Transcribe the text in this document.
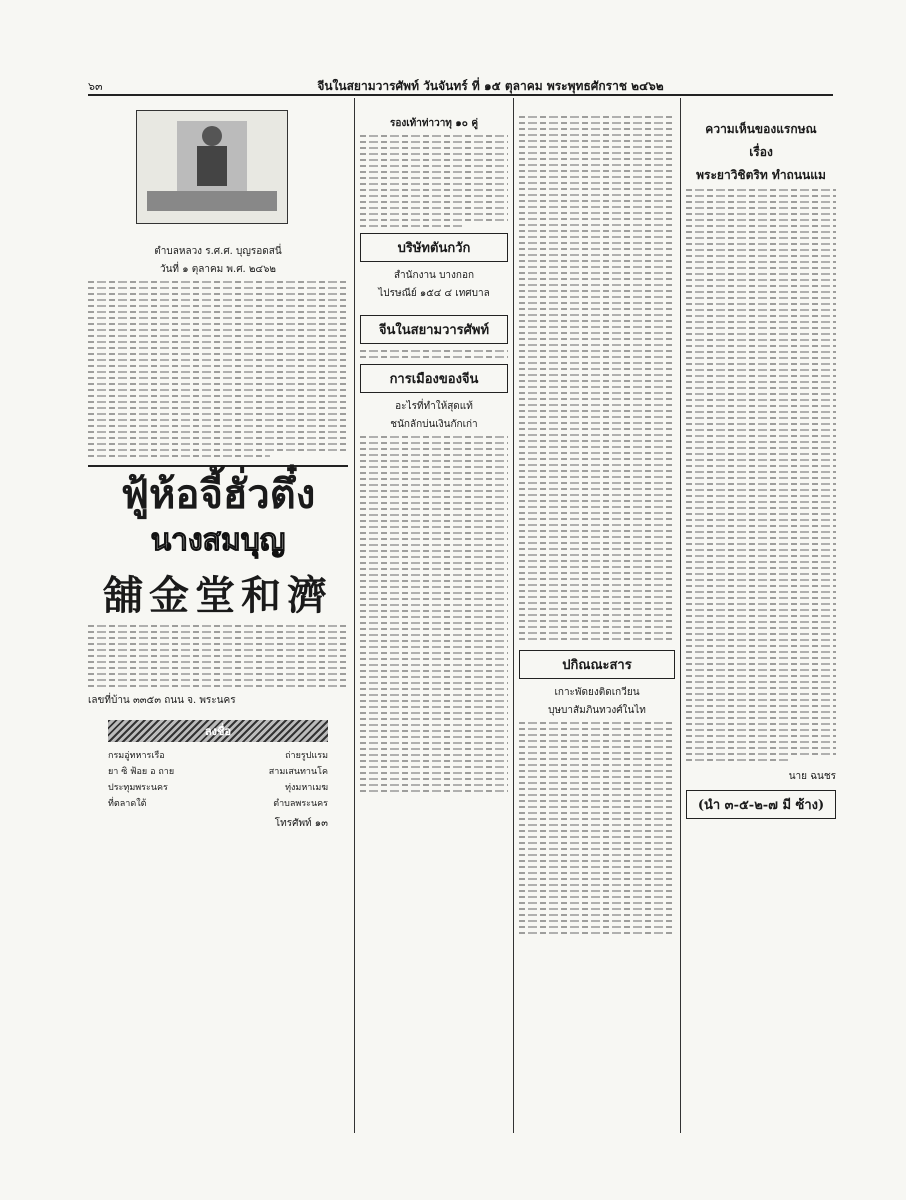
๖๓	จีนในสยามวารศัพท์ วันจันทร์ ที่ ๑๕ ตุลาคม พระพุทธศักราช ๒๔๖๒
ตำบลหลวง ร.ศ.ศ. บุญรอดสนี่
วันที่ ๑ ตุลาคม พ.ศ. ๒๔๖๒
ฟู้ห้อจี้ฮั่วตึ๋ง
นางสมบุญ
舖金堂和濟
เลขที่บ้าน ๓๓๕๓ ถนน จ. พระนคร
ลงชื่อ
กรมอู่ทหารเรือ	ถ่ายรูปแรม
ยา ซิ ฟ้อย อ ถาย	สามเสนทานโค
ประทุมพระนคร	ทุ่งมหาเมฆ
ที่ตลาดใต้	ตำบลพระนคร
โทรศัพท์ ๑๓
รองเท้าท่าวาทุ ๑๐ คู่
บริษัทตันกวัก
สำนักงาน บางกอก
ไปรษณีย์ ๑๕๔ ๔ เทศบาล
จีนในสยามวารศัพท์
การเมืองของจีน
อะไรที่ทำให้สุดแท้
ชนักลักบ่นเงินกักเก่า
ปกิณณะสาร
เกาะพัดยงติดเกวียน
บุษบาสัมภินทวงศ์ในไท
ความเห็นของแรกษณ
เรื่อง
พระยาวิชิตริท ทำถนนแม
นาย ฉนชร
(นำ ๓-๕-๒-๗ มี ซ้าง)
